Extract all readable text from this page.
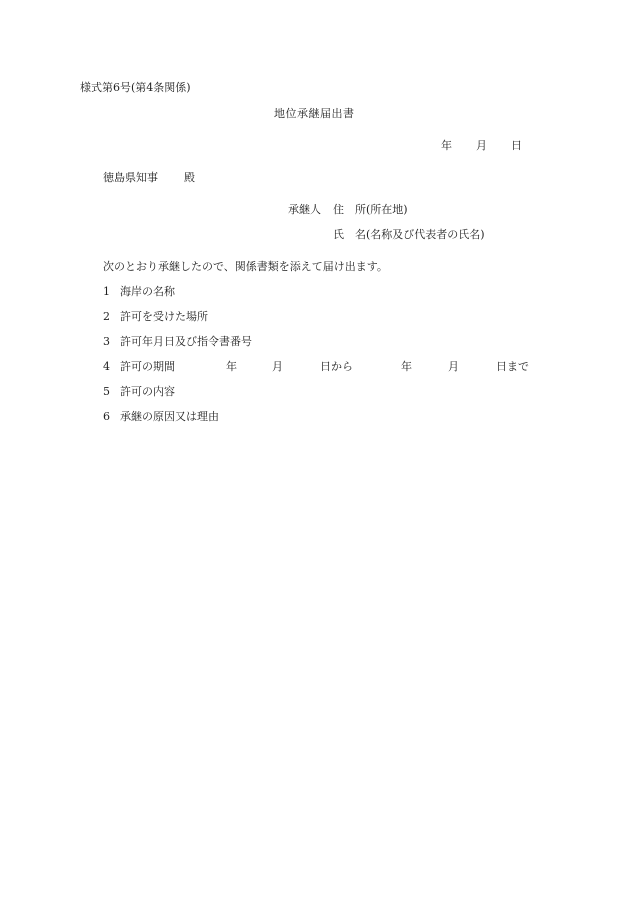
様式第6号(第4条関係)
地位承継届出書
年 月 日
徳島県知事 殿
承継人 住　所(所在地)
氏　名(名称及び代表者の氏名)
次のとおり承継したので、関係書類を添えて届け出ます。
1 海岸の名称
2 許可を受けた場所
3 許可年月日及び指令書番号
4 許可の期間
5 許可の内容
6 承継の原因又は理由
年	月	日から	年	月	日まで
